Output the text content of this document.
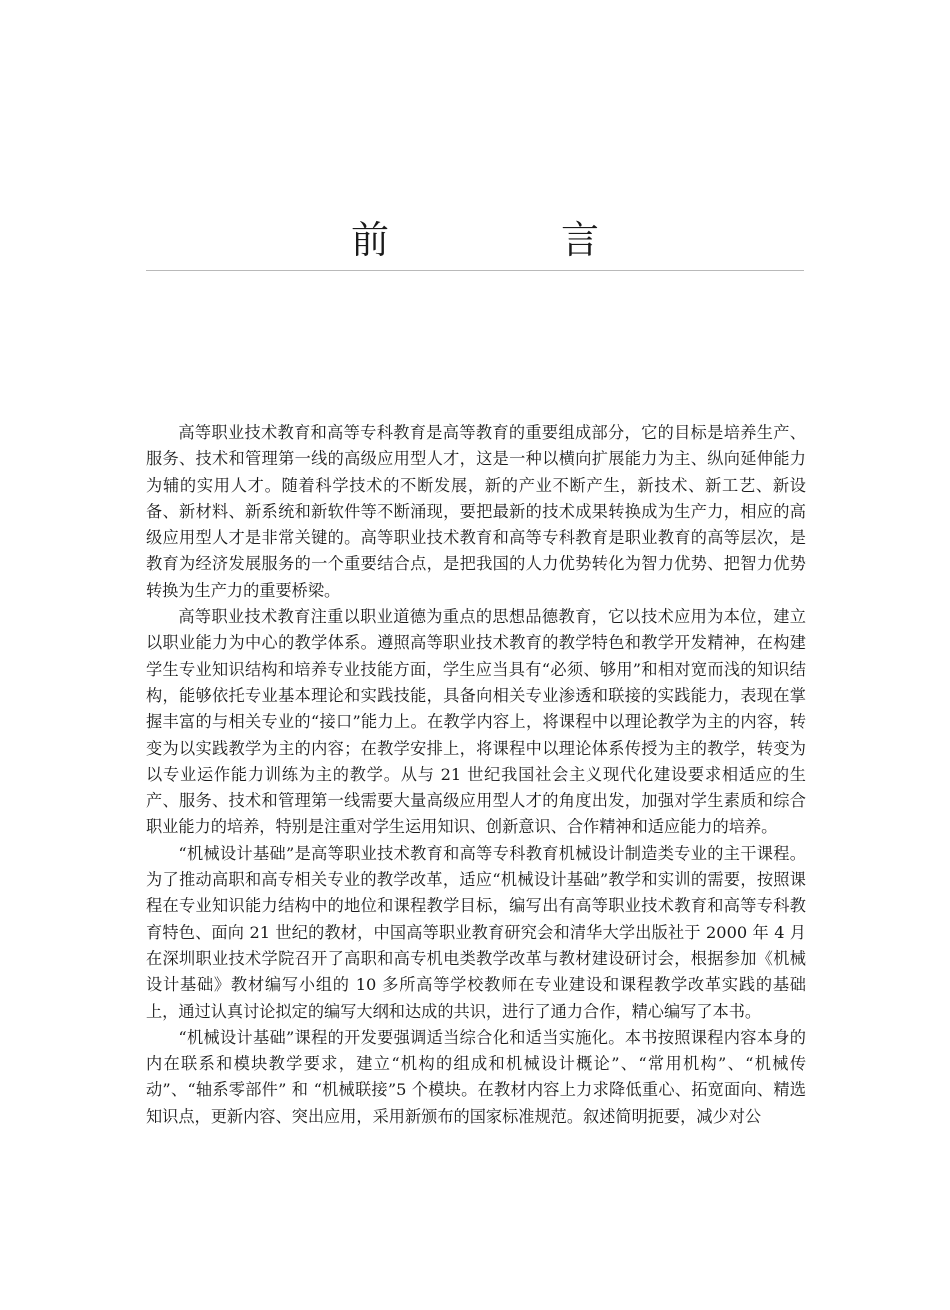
前 言

高等职业技术教育和高等专科教育是高等教育的重要组成部分，它的目标是培养生产、服务、技术和管理第一线的高级应用型人才，这是一种以横向扩展能力为主、纵向延伸能力为辅的实用人才。随着科学技术的不断发展，新的产业不断产生，新技术、新工艺、新设备、新材料、新系统和新软件等不断涌现，要把最新的技术成果转换成为生产力，相应的高级应用型人才是非常关键的。高等职业技术教育和高等专科教育是职业教育的高等层次，是教育为经济发展服务的一个重要结合点，是把我国的人力优势转化为智力优势、把智力优势转换为生产力的重要桥梁。

高等职业技术教育注重以职业道德为重点的思想品德教育，它以技术应用为本位，建立以职业能力为中心的教学体系。遵照高等职业技术教育的教学特色和教学开发精神，在构建学生专业知识结构和培养专业技能方面，学生应当具有“必须、够用”和相对宽而浅的知识结构，能够依托专业基本理论和实践技能，具备向相关专业渗透和联接的实践能力，表现在掌握丰富的与相关专业的“接口”能力上。在教学内容上，将课程中以理论教学为主的内容，转变为以实践教学为主的内容；在教学安排上，将课程中以理论体系传授为主的教学，转变为以专业运作能力训练为主的教学。从与 21 世纪我国社会主义现代化建设要求相适应的生产、服务、技术和管理第一线需要大量高级应用型人才的角度出发，加强对学生素质和综合职业能力的培养，特别是注重对学生运用知识、创新意识、合作精神和适应能力的培养。

“机械设计基础”是高等职业技术教育和高等专科教育机械设计制造类专业的主干课程。为了推动高职和高专相关专业的教学改革，适应“机械设计基础”教学和实训的需要，按照课程在专业知识能力结构中的地位和课程教学目标，编写出有高等职业技术教育和高等专科教育特色、面向 21 世纪的教材，中国高等职业教育研究会和清华大学出版社于 2000 年 4 月在深圳职业技术学院召开了高职和高专机电类教学改革与教材建设研讨会，根据参加《机械设计基础》教材编写小组的 10 多所高等学校教师在专业建设和课程教学改革实践的基础上，通过认真讨论拟定的编写大纲和达成的共识，进行了通力合作，精心编写了本书。

“机械设计基础”课程的开发要强调适当综合化和适当实施化。本书按照课程内容本身的内在联系和模块教学要求，建立“机构的组成和机械设计概论”、“常用机构”、“机械传动”、“轴系零部件” 和 “机械联接”5 个模块。在教材内容上力求降低重心、拓宽面向、精选知识点，更新内容、突出应用，采用新颁布的国家标准规范。叙述简明扼要，减少对公
